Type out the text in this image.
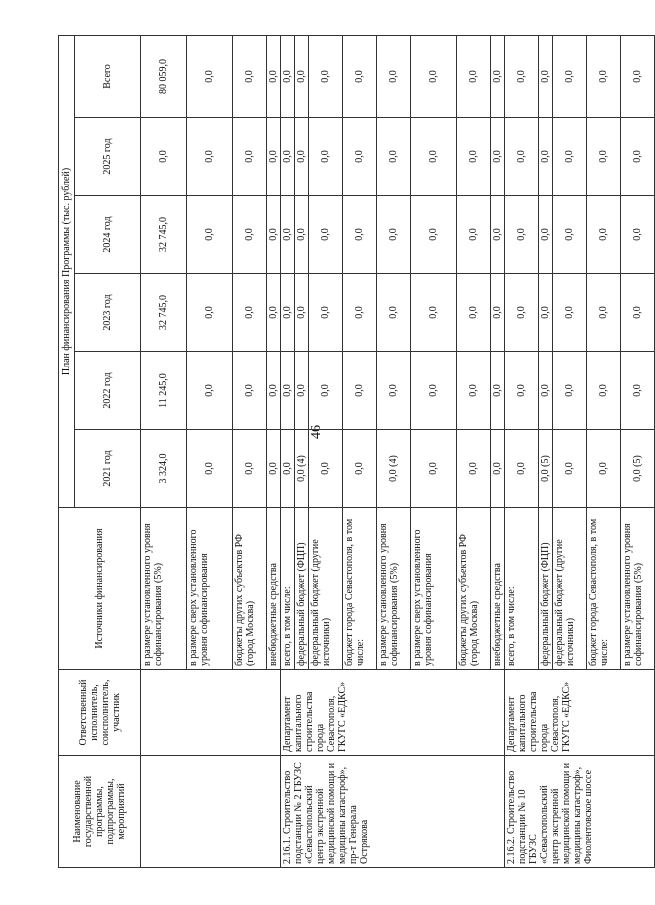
46
Наименование государственной программы, подпрограммы, мероприятий	Ответственный исполнитель, соисполнитель, участник	Источники финансирования	План финансирования Программы (тыс. рублей)					
			2021 год	2022 год	2023 год	2024 год	2025 год	Всего
		в размере установленного уровня софинансирования (5%)	3 324,0	11 245,0	32 745,0	32 745,0	0,0	80 059,0
		в размере сверх установленного уровня софинансирования	0,0	0,0	0,0	0,0	0,0	0,0
		бюджеты других субъектов РФ (город Москва)	0,0	0,0	0,0	0,0	0,0	0,0
		внебюджетные средства	0,0	0,0	0,0	0,0	0,0	0,0
2.16.1. Строительство подстанции № 2 ГБУЗС «Севастопольский центр экстренной медицинской помощи и медицины катастроф», пр-т Генерала Острякова	Департамент капитального строительства города Севастополя, ГКУГС «ЕДКС»	всего, в том числе:	0,0	0,0	0,0	0,0	0,0	0,0
		федеральный бюджет (ФЦП)	0,0 (4)	0,0	0,0	0,0	0,0	0,0
		федеральный бюджет (другие источники)	0,0	0,0	0,0	0,0	0,0	0,0
		бюджет города Севастополя, в том числе:	0,0	0,0	0,0	0,0	0,0	0,0
		в размере установленного уровня софинансирования (5%)	0,0 (4)	0,0	0,0	0,0	0,0	0,0
		в размере сверх установленного уровня софинансирования	0,0	0,0	0,0	0,0	0,0	0,0
		бюджеты других субъектов РФ (город Москва)	0,0	0,0	0,0	0,0	0,0	0,0
		внебюджетные средства	0,0	0,0	0,0	0,0	0,0	0,0
2.16.2. Строительство подстанции № 10 ГБУЗС «Севастопольский центр экстренной медицинской помощи и медицины катастроф», Фиолентовское шоссе	Департамент капитального строительства города Севастополя, ГКУГС «ЕДКС»	всего, в том числе:	0,0	0,0	0,0	0,0	0,0	0,0
		федеральный бюджет (ФЦП)	0,0 (5)	0,0	0,0	0,0	0,0	0,0
		федеральный бюджет (другие источники)	0,0	0,0	0,0	0,0	0,0	0,0
		бюджет города Севастополя, в том числе:	0,0	0,0	0,0	0,0	0,0	0,0
		в размере установленного уровня софинансирования (5%)	0,0 (5)	0,0	0,0	0,0	0,0	0,0
